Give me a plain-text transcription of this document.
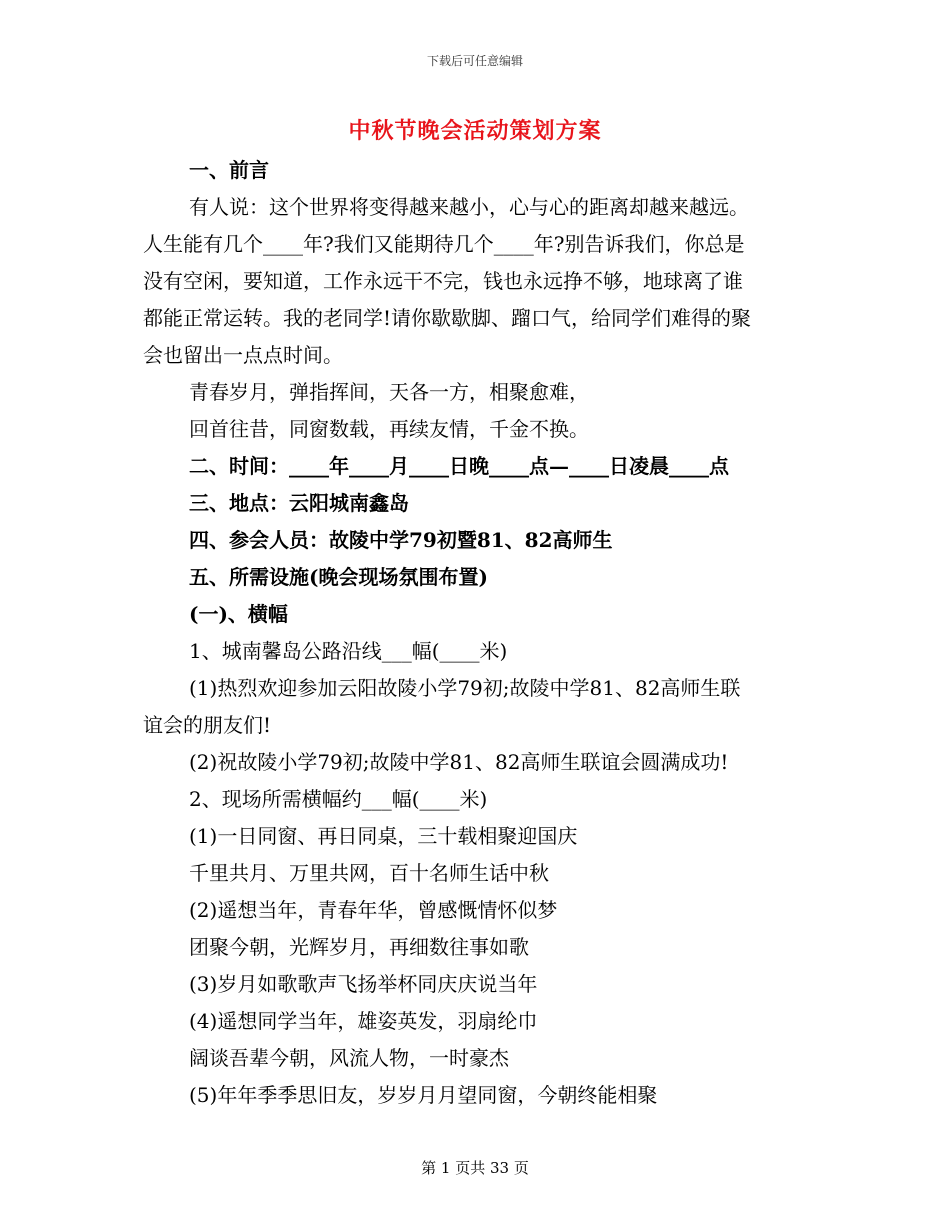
下载后可任意编辑
中秋节晚会活动策划方案
一、前言
有人说：这个世界将变得越来越小，心与心的距离却越来越远。
人生能有几个____年?我们又能期待几个____年?别告诉我们，你总是
没有空闲，要知道，工作永远干不完，钱也永远挣不够，地球离了谁
都能正常运转。我的老同学!请你歇歇脚、蹓口气，给同学们难得的聚
会也留出一点点时间。
青春岁月，弹指挥间，天各一方，相聚愈难，
回首往昔，同窗数载，再续友情，千金不换。
二、时间：____年____月____日晚____点—____日凌晨____点
三、地点：云阳城南鑫岛
四、参会人员：故陵中学79初暨81、82高师生
五、所需设施(晚会现场氛围布置)
(一)、横幅
1、城南馨岛公路沿线___幅(____米)
(1)热烈欢迎参加云阳故陵小学79初;故陵中学81、82高师生联
谊会的朋友们!
(2)祝故陵小学79初;故陵中学81、82高师生联谊会圆满成功!
2、现场所需横幅约___幅(____米)
(1)一日同窗、再日同桌，三十载相聚迎国庆
千里共月、万里共网，百十名师生话中秋
(2)遥想当年，青春年华，曾感慨情怀似梦
团聚今朝，光辉岁月，再细数往事如歌
(3)岁月如歌歌声飞扬举杯同庆庆说当年
(4)遥想同学当年，雄姿英发，羽扇纶巾
阔谈吾辈今朝，风流人物，一时豪杰
(5)年年季季思旧友，岁岁月月望同窗，今朝终能相聚
第 1 页共 33 页
